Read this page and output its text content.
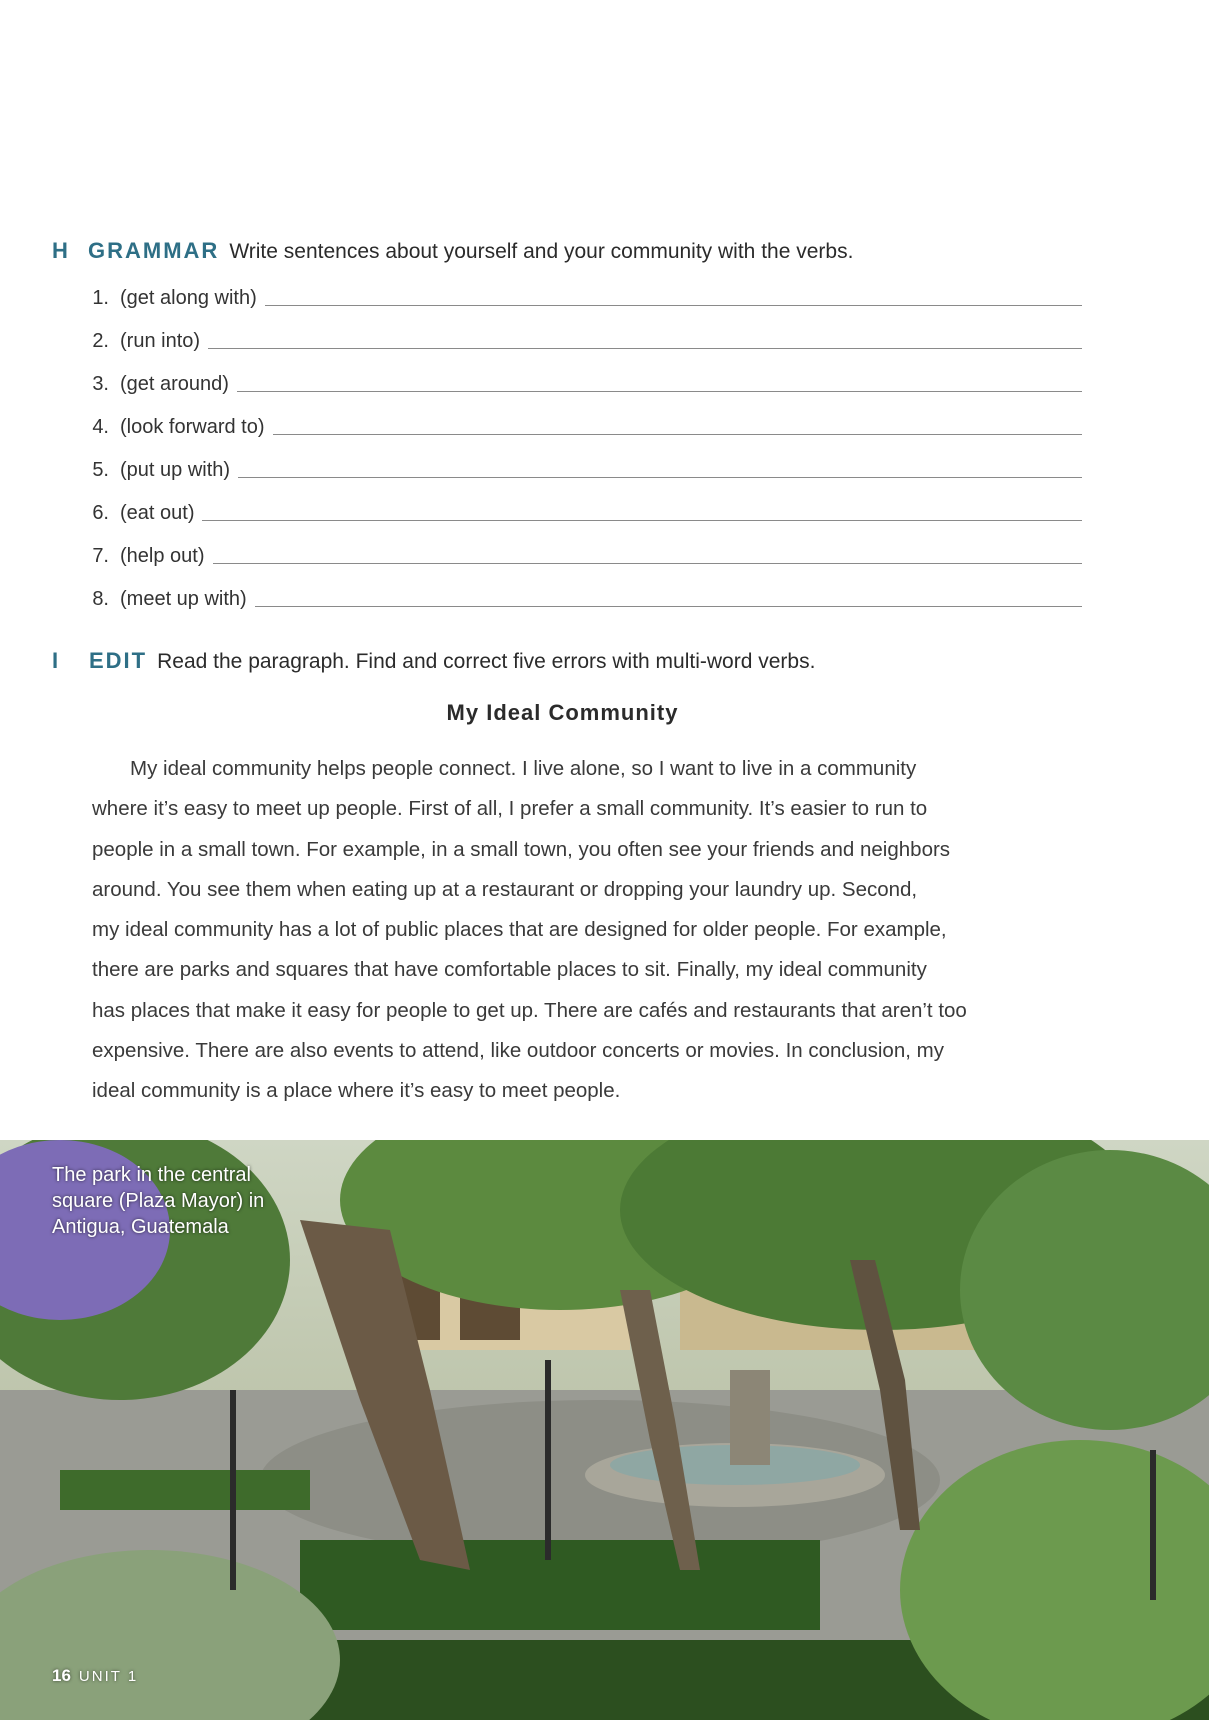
H GRAMMAR Write sentences about yourself and your community with the verbs.
1. (get along with)
2. (run into)
3. (get around)
4. (look forward to)
5. (put up with)
6. (eat out)
7. (help out)
8. (meet up with)
I EDIT Read the paragraph. Find and correct five errors with multi-word verbs.
My Ideal Community
My ideal community helps people connect. I live alone, so I want to live in a community
where it’s easy to meet up people. First of all, I prefer a small community. It’s easier to run to
people in a small town. For example, in a small town, you often see your friends and neighbors
around. You see them when eating up at a restaurant or dropping your laundry up. Second,
my ideal community has a lot of public places that are designed for older people. For example,
there are parks and squares that have comfortable places to sit. Finally, my ideal community
has places that make it easy for people to get up. There are cafés and restaurants that aren’t too
expensive. There are also events to attend, like outdoor concerts or movies. In conclusion, my
ideal community is a place where it’s easy to meet people.
The park in the central square (Plaza Mayor) in Antigua, Guatemala
16 UNIT 1
